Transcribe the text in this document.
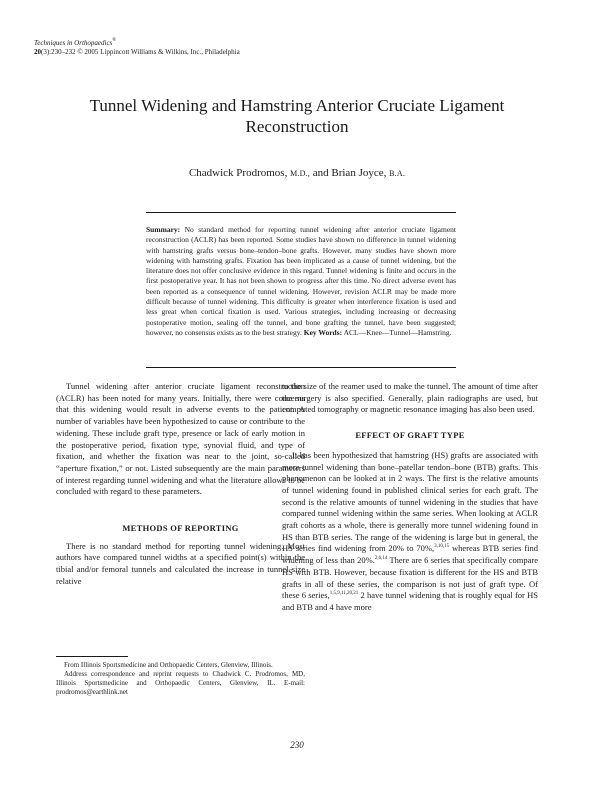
Techniques in Orthopaedics®
20(3):230–232 © 2005 Lippincott Williams & Wilkins, Inc., Philadelphia
Tunnel Widening and Hamstring Anterior Cruciate Ligament Reconstruction
Chadwick Prodromos, M.D., and Brian Joyce, B.A.

Summary: No standard method for reporting tunnel widening after anterior cruciate ligament reconstruction (ACLR) has been reported. Some studies have shown no difference in tunnel widening with hamstring grafts versus bone–tendon–bone grafts. However, many studies have shown more widening with hamstring grafts. Fixation has been implicated as a cause of tunnel widening, but the literature does not offer conclusive evidence in this regard. Tunnel widening is finite and occurs in the first postoperative year. It has not been shown to progress after this time. No direct adverse event has been reported as a consequence of tunnel widening. However, revision ACLR may be made more difficult because of tunnel widening. This difficulty is greater when interference fixation is used and less great when cortical fixation is used. Various strategies, including increasing or decreasing postoperative motion, sealing off the tunnel, and bone grafting the tunnel, have been suggested; however, no consensus exists as to the best strategy. Key Words: ACL—Knee—Tunnel—Hamstring.

Tunnel widening after anterior cruciate ligament reconstruction (ACLR) has been noted for many years. Initially, there were concerns that this widening would result in adverse events to the patient. A number of variables have been hypothesized to cause or contribute to the widening. These include graft type, presence or lack of early motion in the postoperative period, fixation type, synovial fluid, and type of fixation, and whether the fixation was near to the joint, so-called “aperture fixation,” or not. Listed subsequently are the main parameters of interest regarding tunnel widening and what the literature allows to be concluded with regard to these parameters.

METHODS OF REPORTING

There is no standard method for reporting tunnel widening. Most authors have compared tunnel widths at a specified point(s) within the tibial and/or femoral tunnels and calculated the increase in tunnel size relative

to the size of the reamer used to make the tunnel. The amount of time after the surgery is also specified. Generally, plain radiographs are used, but computed tomography or magnetic resonance imaging has also been used.

EFFECT OF GRAFT TYPE

It has been hypothesized that hamstring (HS) grafts are associated with more tunnel widening than bone–patellar tendon–bone (BTB) grafts. This phenomenon can be looked at in 2 ways. The first is the relative amounts of tunnel widening found in published clinical series for each graft. The second is the relative amounts of tunnel widening in the studies that have compared tunnel widening within the same series. When looking at ACLR graft cohorts as a whole, there is generally more tunnel widening found in HS than BTB series. The range of the widening is large but in general, the HS series find widening from 20% to 70%,$^{3,10,15}$ whereas BTB series find widening of less than 20%.$^{2,6,14}$ There are 6 series that specifically compare HS with BTB. However, because fixation is different for the HS and BTB grafts in all of these series, the comparison is not just of graft type. Of these 6 series,$^{1,5,9,11,20,21}$ 2 have tunnel widening that is roughly equal for HS and BTB and 4 have more

From Illinois Sportsmedicine and Orthopaedic Centers, Glenview, Illinois.

Address correspondence and reprint requests to Chadwick C. Prodromos, MD, Illinois Sportsmedicine and Orthopaedic Centers, Glenview, IL. E-mail: prodromos@earthlink.net

230
